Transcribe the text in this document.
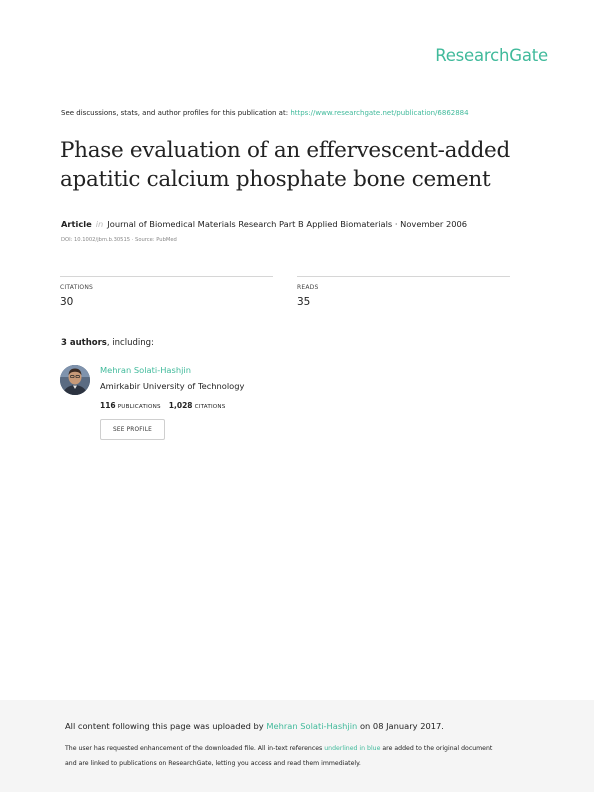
ResearchGate
See discussions, stats, and author profiles for this publication at: https://www.researchgate.net/publication/6862884
Phase evaluation of an effervescent-added
apatitic calcium phosphate bone cement
Article in Journal of Biomedical Materials Research Part B Applied Biomaterials · November 2006
DOI: 10.1002/jbm.b.30515 · Source: PubMed
CITATIONS
30
READS
35
3 authors, including:
Mehran Solati-Hashjin
Amirkabir University of Technology
116 PUBLICATIONS 1,028 CITATIONS
SEE PROFILE
All content following this page was uploaded by Mehran Solati-Hashjin on 08 January 2017.
The user has requested enhancement of the downloaded file. All in-text references underlined in blue are added to the original document
and are linked to publications on ResearchGate, letting you access and read them immediately.
